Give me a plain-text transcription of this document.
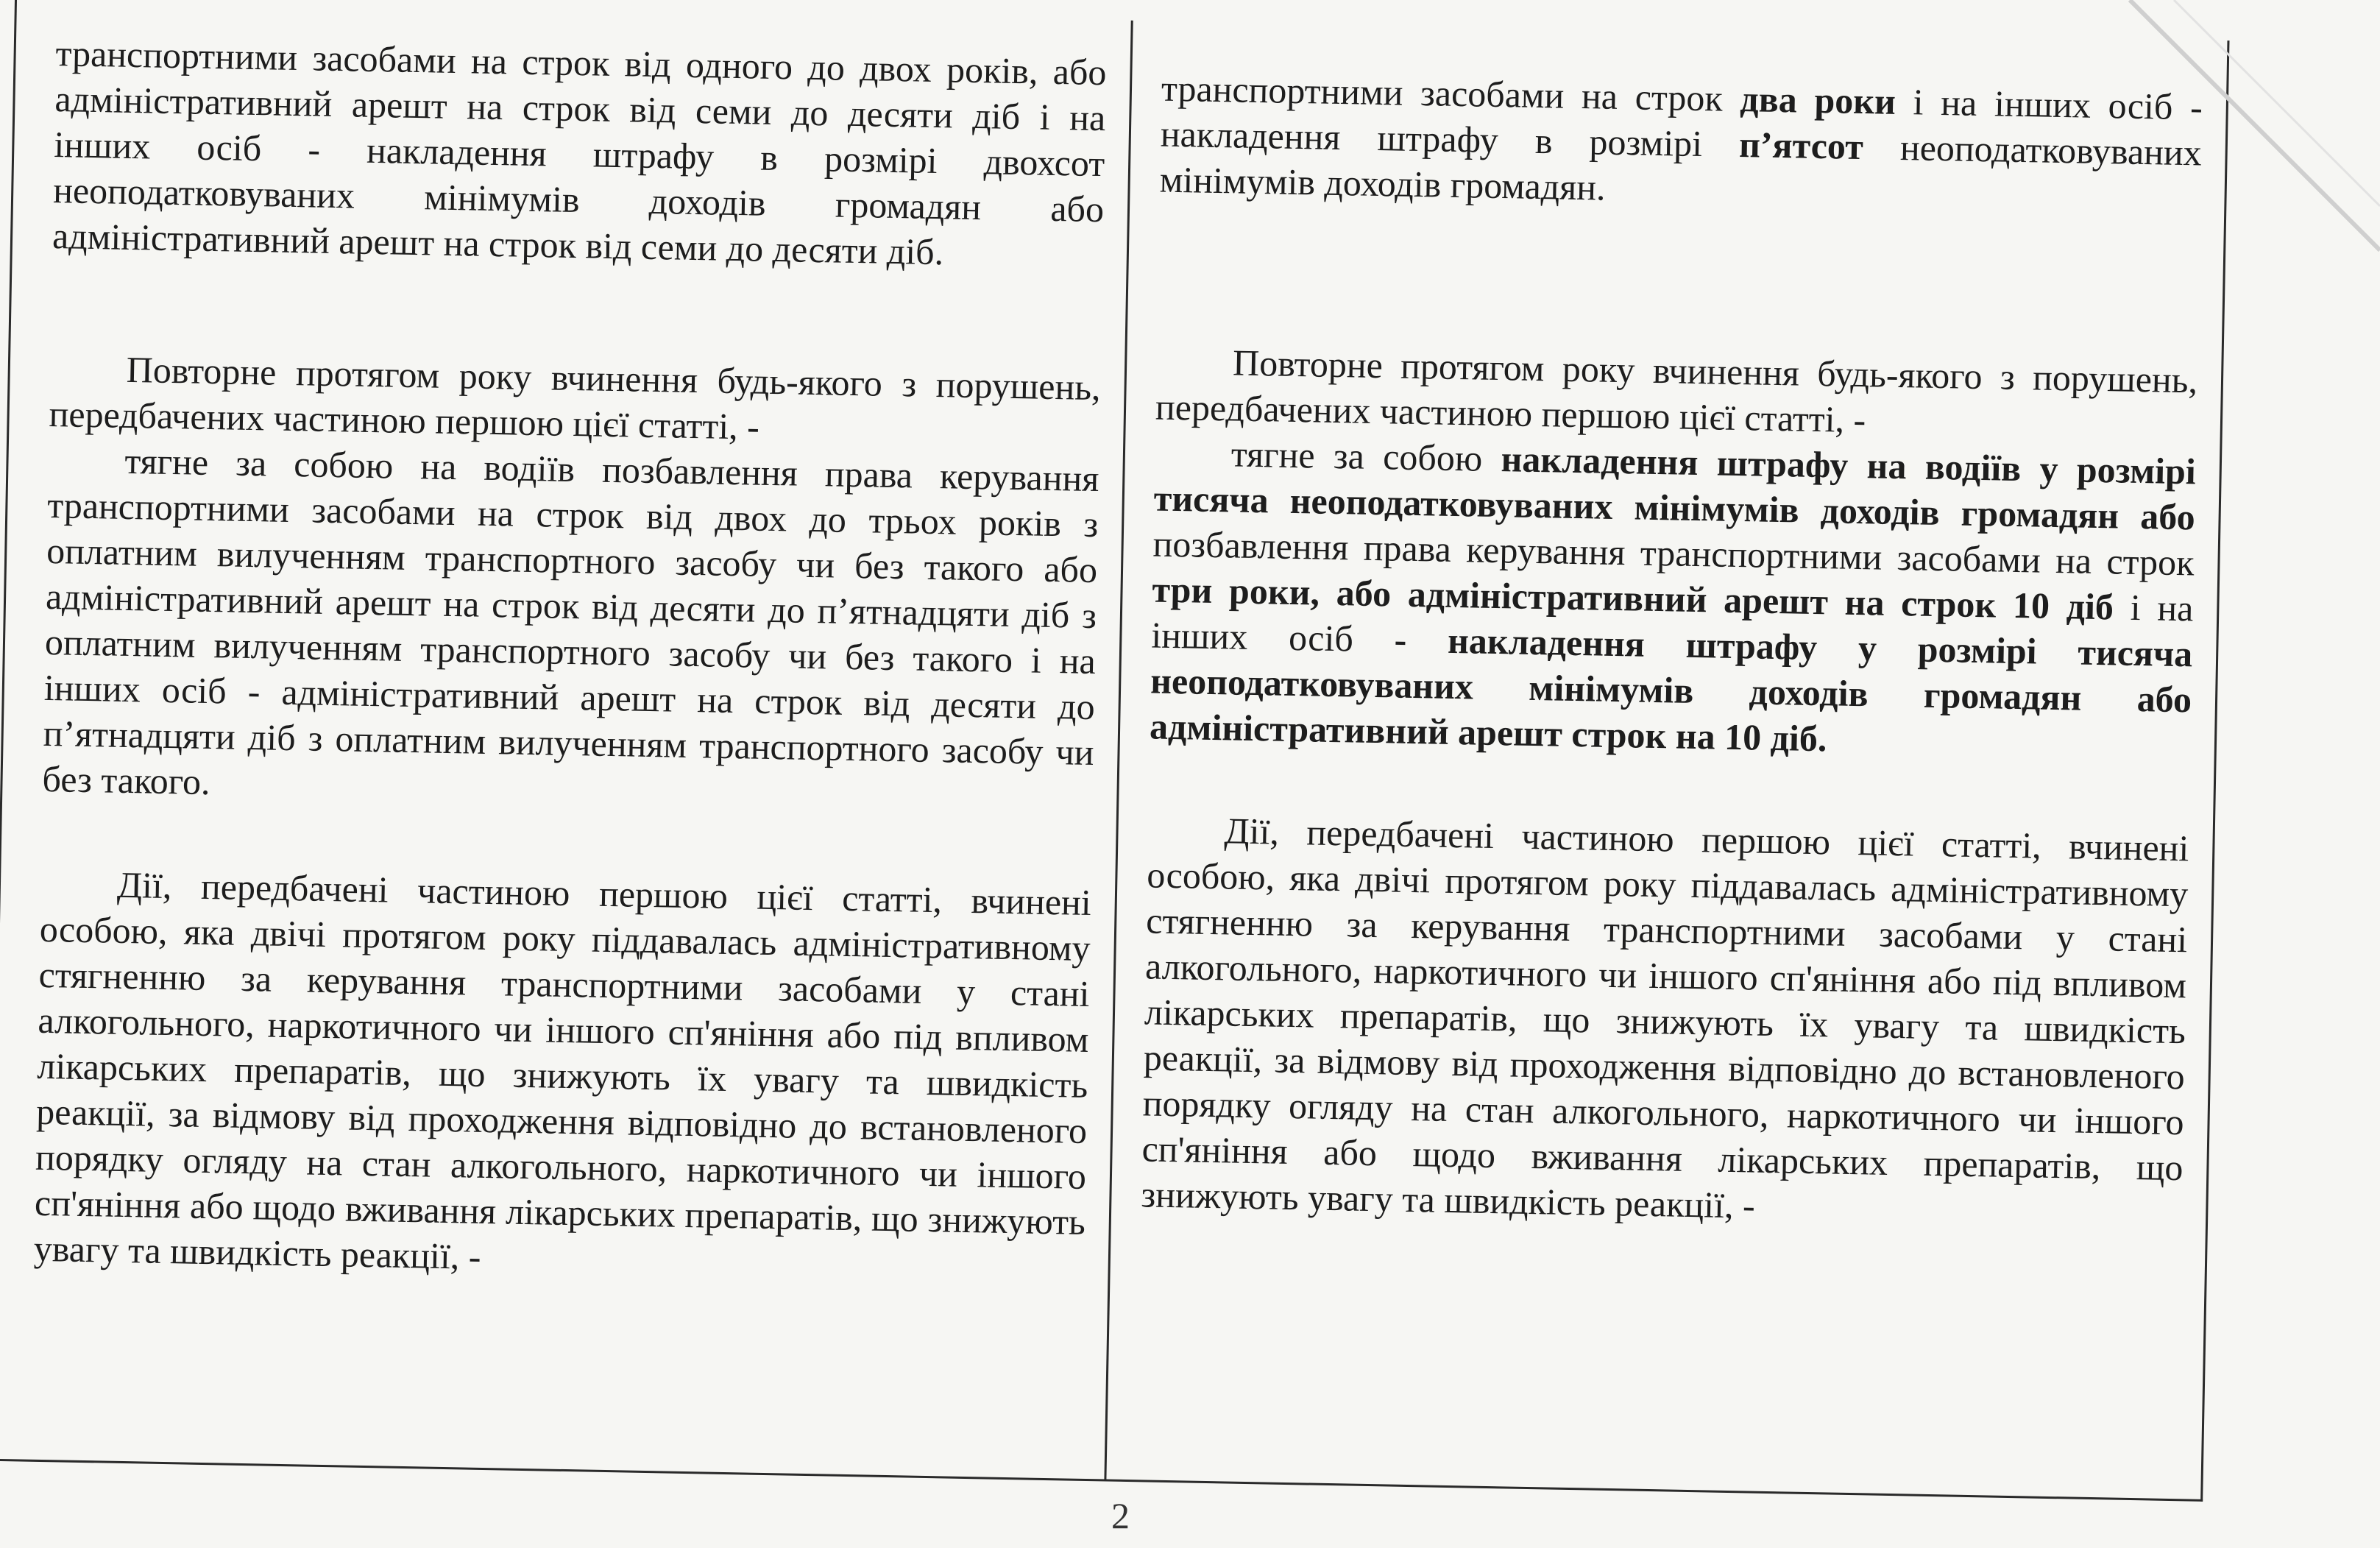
транспортними засобами на строк від одного до двох років, або адміністративний арешт на строк від семи до десяти діб і на інших осіб - накладення штрафу в розмірі двохсот неоподатковуваних мінімумів доходів громадян або адміністративний арешт на строк від семи до десяти діб.

Повторне протягом року вчинення будь-якого з порушень, передбачених частиною першою цієї статті, -

тягне за собою на водіїв позбавлення права керування транспортними засобами на строк від двох до трьох років з оплатним вилученням транспортного засобу чи без такого або адміністративний арешт на строк від десяти до п’ятнадцяти діб з оплатним вилученням транспортного засобу чи без такого і на інших осіб - адміністративний арешт на строк від десяти до п’ятнадцяти діб з оплатним вилученням транспортного засобу чи без такого.

Дії, передбачені частиною першою цієї статті, вчинені особою, яка двічі протягом року піддавалась адміністративному стягненню за керування транспортними засобами у стані алкогольного, наркотичного чи іншого сп'яніння або під впливом лікарських препаратів, що знижують їх увагу та швидкість реакції, за відмову від проходження відповідно до встановленого порядку огляду на стан алкогольного, наркотичного чи іншого сп'яніння або щодо вживання лікарських препаратів, що знижують увагу та швидкість реакції, -

транспортними засобами на строк два роки і на інших осіб - накладення штрафу в розмірі п’ятсот неоподатковуваних мінімумів доходів громадян.

Повторне протягом року вчинення будь-якого з порушень, передбачених частиною першою цієї статті, -

тягне за собою накладення штрафу на водіїв у розмірі тисяча неоподатковуваних мінімумів доходів громадян або позбавлення права керування транспортними засобами на строк три роки, або адміністративний арешт на строк 10 діб і на інших осіб - накладення штрафу у розмірі тисяча неоподатковуваних мінімумів доходів громадян або адміністративний арешт строк на 10 діб.

Дії, передбачені частиною першою цієї статті, вчинені особою, яка двічі протягом року піддавалась адміністративному стягненню за керування транспортними засобами у стані алкогольного, наркотичного чи іншого сп'яніння або під впливом лікарських препаратів, що знижують їх увагу та швидкість реакції, за відмову від проходження відповідно до встановленого порядку огляду на стан алкогольного, наркотичного чи іншого сп'яніння або щодо вживання лікарських препаратів, що знижують увагу та швидкість реакції, -

2
